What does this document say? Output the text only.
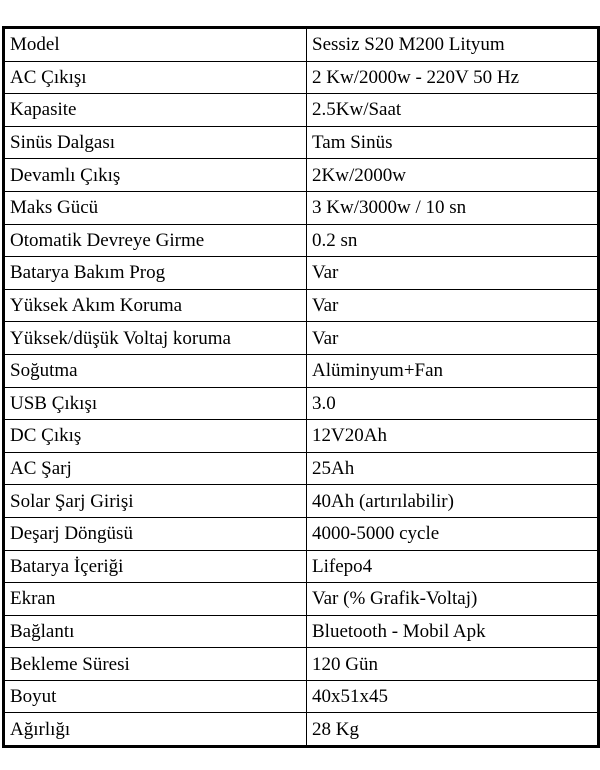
Model	Sessiz S20 M200 Lityum
AC Çıkışı	2 Kw/2000w - 220V 50 Hz
Kapasite	2.5Kw/Saat
Sinüs Dalgası	Tam Sinüs
Devamlı Çıkış	2Kw/2000w
Maks Gücü	3 Kw/3000w / 10 sn
Otomatik Devreye Girme	0.2 sn
Batarya Bakım Prog	Var
Yüksek Akım Koruma	Var
Yüksek/düşük Voltaj koruma	Var
Soğutma	Alüminyum+Fan
USB Çıkışı	3.0
DC Çıkış	12V20Ah
AC Şarj	25Ah
Solar Şarj Girişi	40Ah (artırılabilir)
Deşarj Döngüsü	4000-5000 cycle
Batarya İçeriği	Lifepo4
Ekran	Var (% Grafik-Voltaj)
Bağlantı	Bluetooth - Mobil Apk
Bekleme Süresi	120 Gün
Boyut	40x51x45
Ağırlığı	28 Kg
